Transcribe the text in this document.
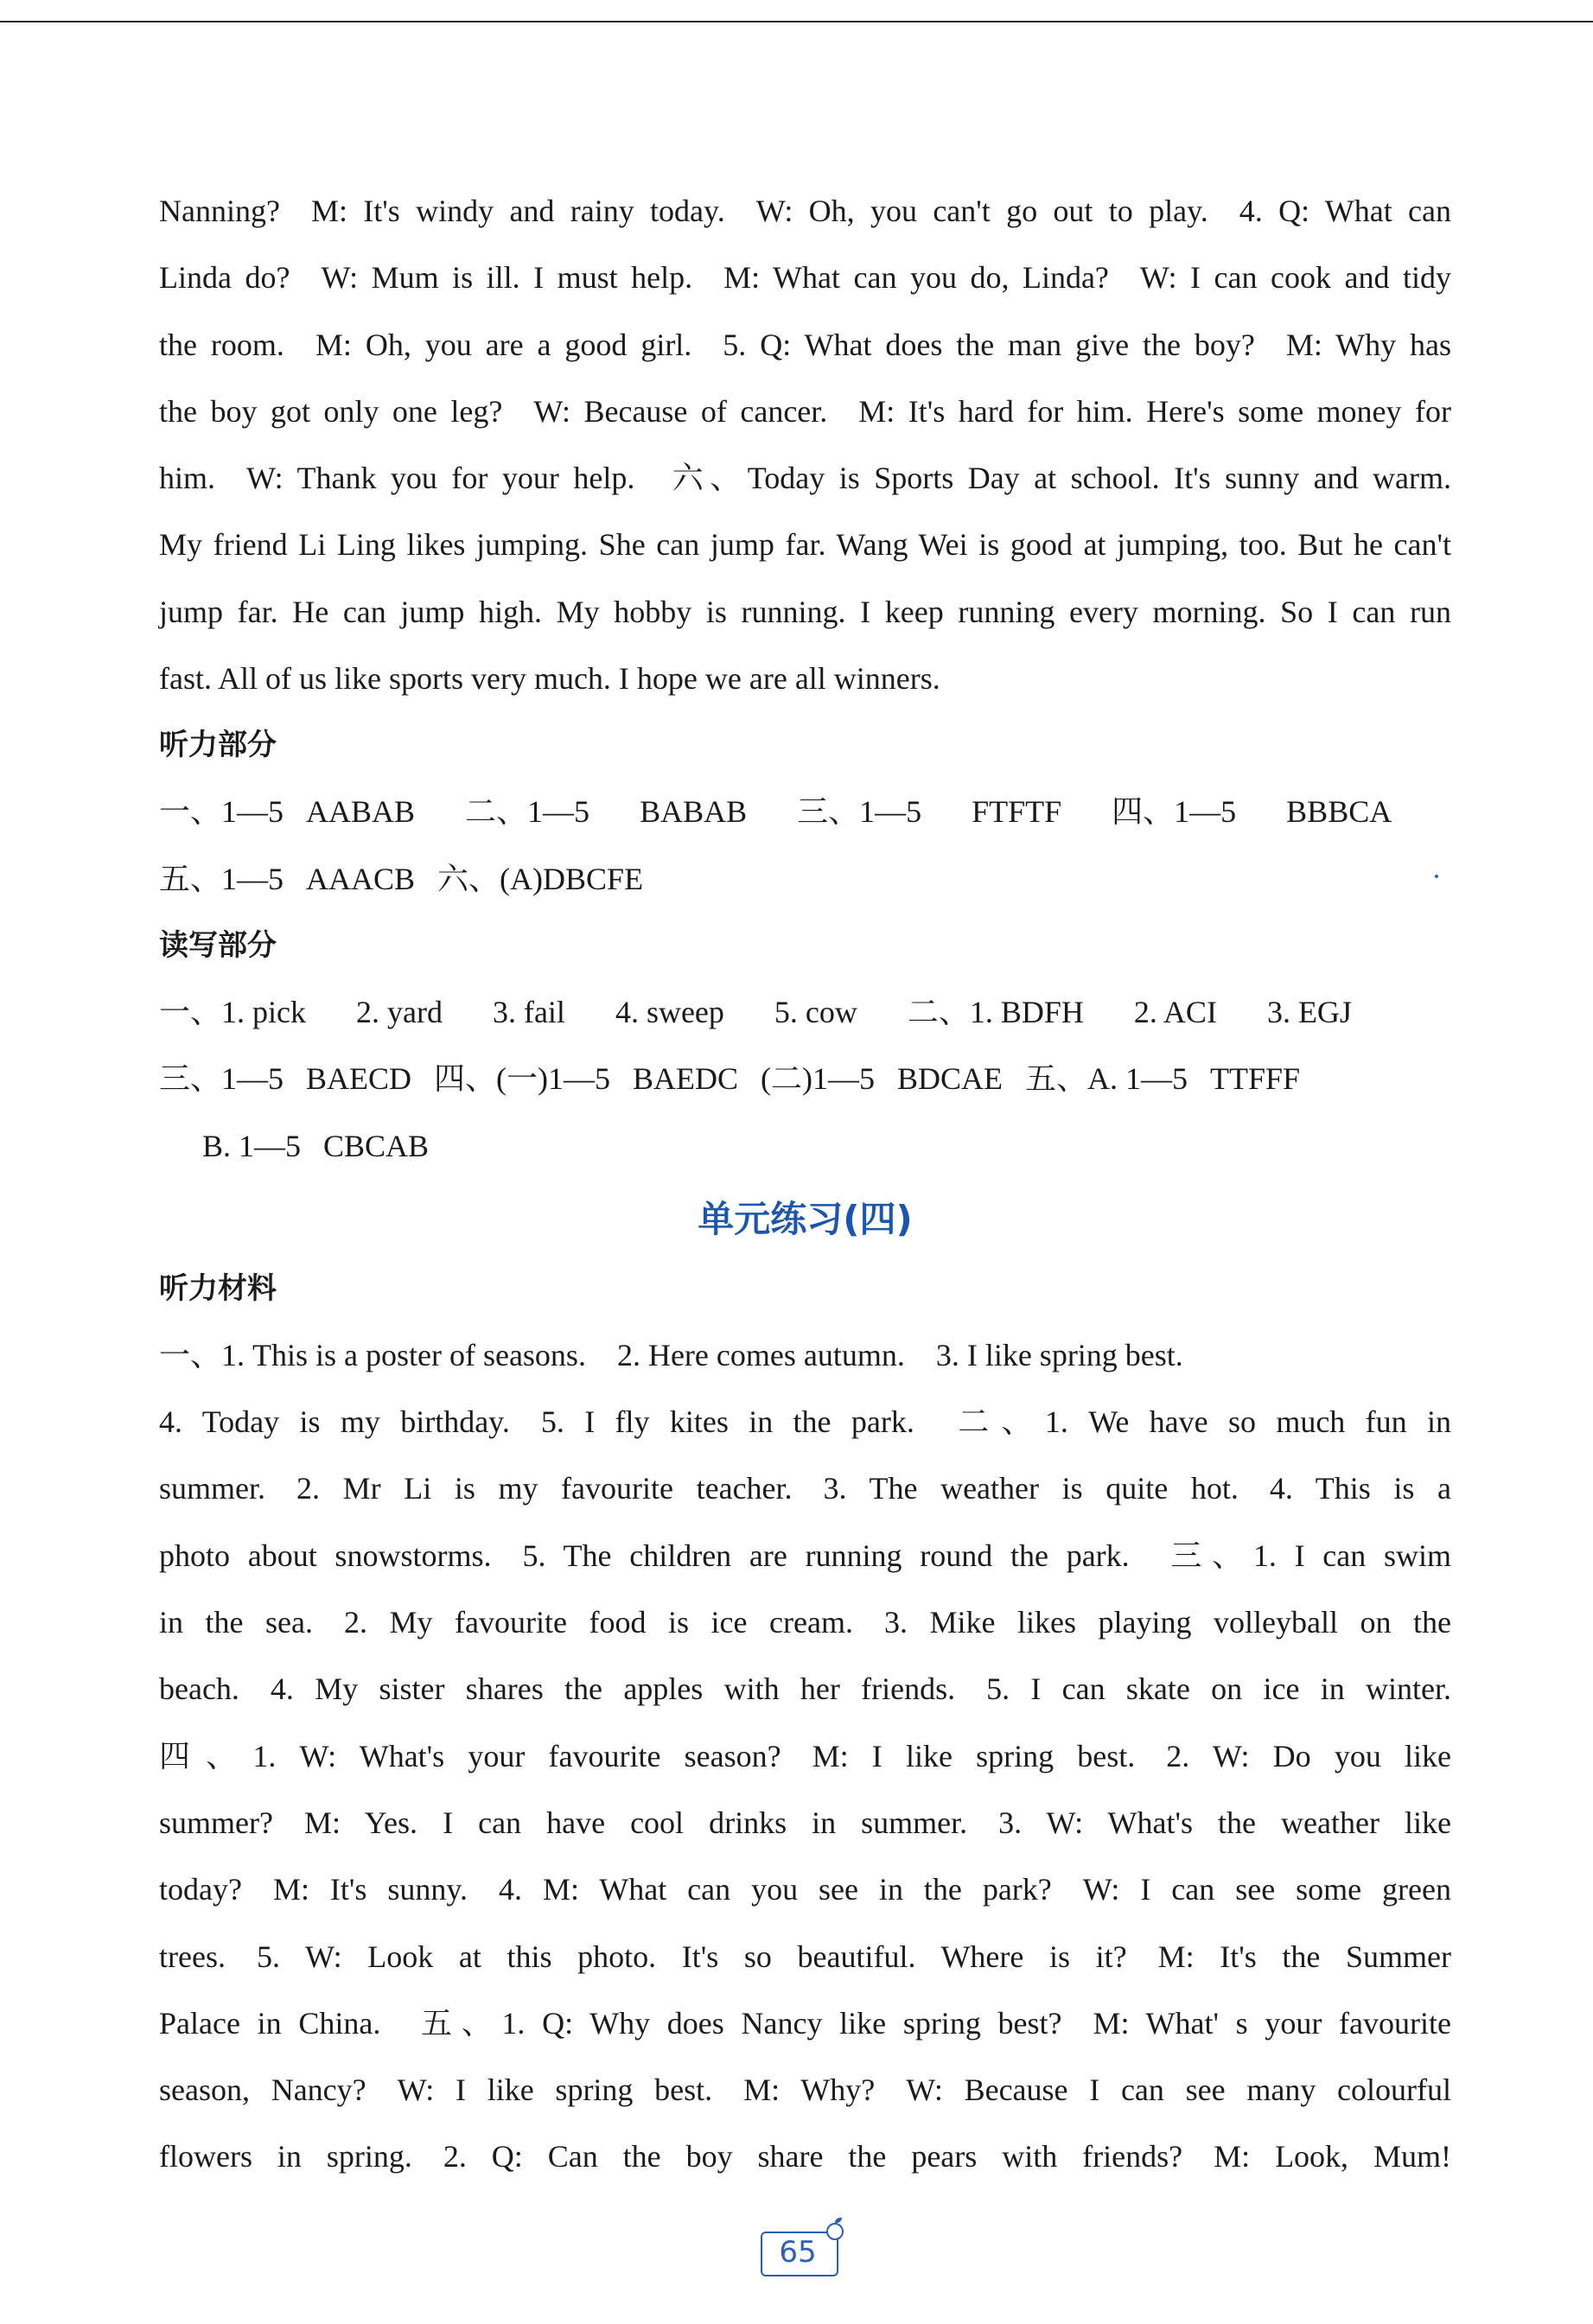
Nanning? M: It's windy and rainy today. W: Oh, you can't go out to play. 4. Q: What can
Linda do? W: Mum is ill. I must help. M: What can you do, Linda? W: I can cook and tidy
the room. M: Oh, you are a good girl. 5. Q: What does the man give the boy? M: Why has
the boy got only one leg? W: Because of cancer. M: It's hard for him. Here's some money for
him. W: Thank you for your help. 六、Today is Sports Day at school. It's sunny and warm.
My friend Li Ling likes jumping. She can jump far. Wang Wei is good at jumping, too. But he can't
jump far. He can jump high. My hobby is running. I keep running every morning. So I can run
fast. All of us like sports very much. I hope we are all winners.
听力部分
一、1—5 AABAB 二、1—5 BABAB 三、1—5 FTFTF 四、1—5 BBBCA
五、1—5 AAACB 六、(A)DBCFE
读写部分
一、1. pick 2. yard 3. fail 4. sweep 5. cow 二、1. BDFH 2. ACI 3. EGJ
三、1—5 BAECD 四、(一)1—5 BAEDC (二)1—5 BDCAE 五、A. 1—5 TTFFF
B. 1—5 CBCAB
单元练习(四)
听力材料
一、1. This is a poster of seasons. 2. Here comes autumn. 3. I like spring best.
4. Today is my birthday. 5. I fly kites in the park. 二、1. We have so much fun in
summer. 2. Mr Li is my favourite teacher. 3. The weather is quite hot. 4. This is a
photo about snowstorms. 5. The children are running round the park. 三、1. I can swim
in the sea. 2. My favourite food is ice cream. 3. Mike likes playing volleyball on the
beach. 4. My sister shares the apples with her friends. 5. I can skate on ice in winter.
四、1. W: What's your favourite season? M: I like spring best. 2. W: Do you like
summer? M: Yes. I can have cool drinks in summer. 3. W: What's the weather like
today? M: It's sunny. 4. M: What can you see in the park? W: I can see some green
trees. 5. W: Look at this photo. It's so beautiful. Where is it? M: It's the Summer
Palace in China. 五、1. Q: Why does Nancy like spring best? M: What' s your favourite
season, Nancy? W: I like spring best. M: Why? W: Because I can see many colourful
flowers in spring. 2. Q: Can the boy share the pears with friends? M: Look, Mum!
65
